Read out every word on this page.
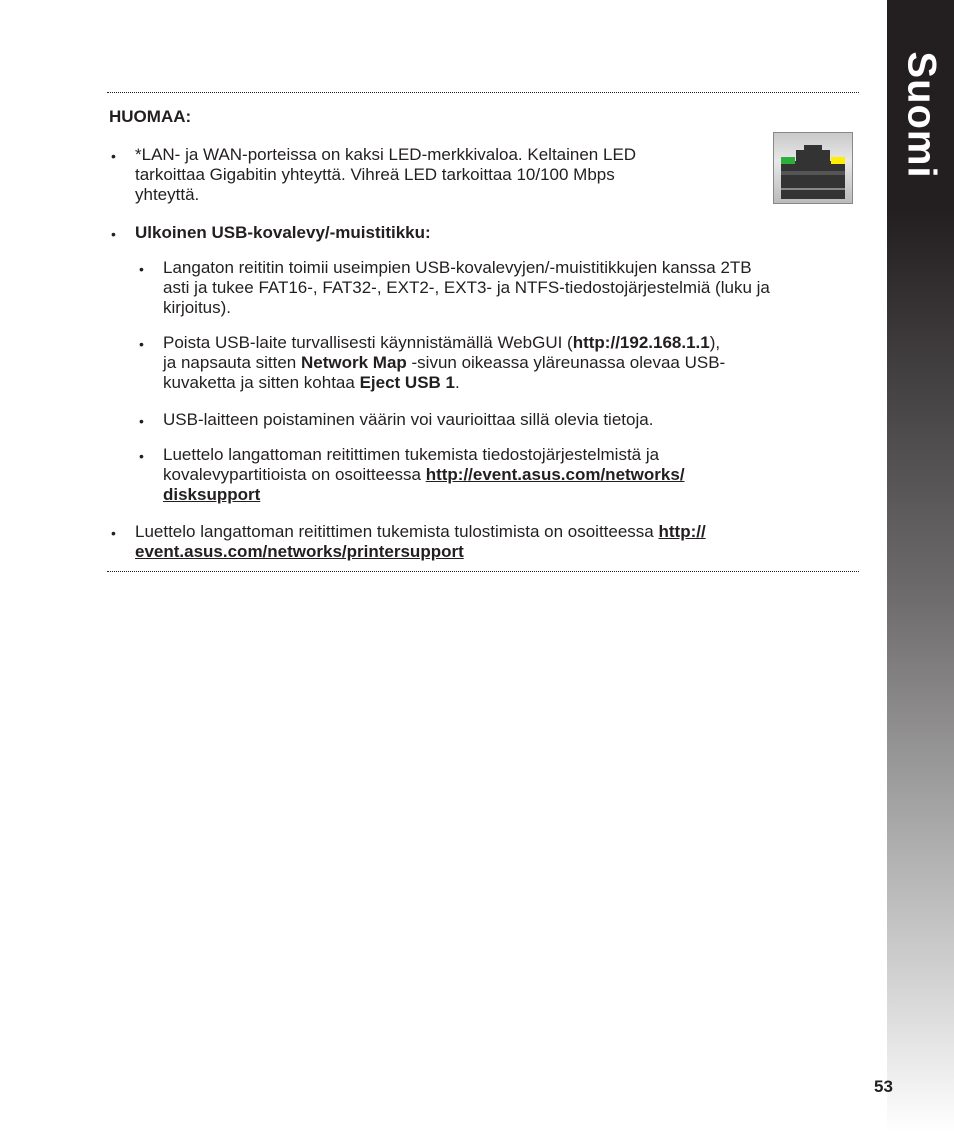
Suomi
53
HUOMAA:
• *LAN- ja WAN-porteissa on kaksi LED-merkkivaloa. Keltainen LED
tarkoittaa Gigabitin yhteyttä. Vihreä LED tarkoittaa 10/100 Mbps
yhteyttä.
• Ulkoinen USB-kovalevy/-muistitikku:
• Langaton reititin toimii useimpien USB-kovalevyjen/-muistitikkujen kanssa 2TB
asti ja tukee FAT16-, FAT32-, EXT2-, EXT3- ja NTFS-tiedostojärjestelmiä (luku ja
kirjoitus).
• Poista USB-laite turvallisesti käynnistämällä WebGUI (http://192.168.1.1),
ja napsauta sitten Network Map -sivun oikeassa yläreunassa olevaa USB-
kuvaketta ja sitten kohtaa Eject USB 1.
• USB-laitteen poistaminen väärin voi vaurioittaa sillä olevia tietoja.
• Luettelo langattoman reitittimen tukemista tiedostojärjestelmistä ja
kovalevypartitioista on osoitteessa http://event.asus.com/networks/
disksupport
• Luettelo langattoman reitittimen tukemista tulostimista on osoitteessa http://
event.asus.com/networks/printersupport
